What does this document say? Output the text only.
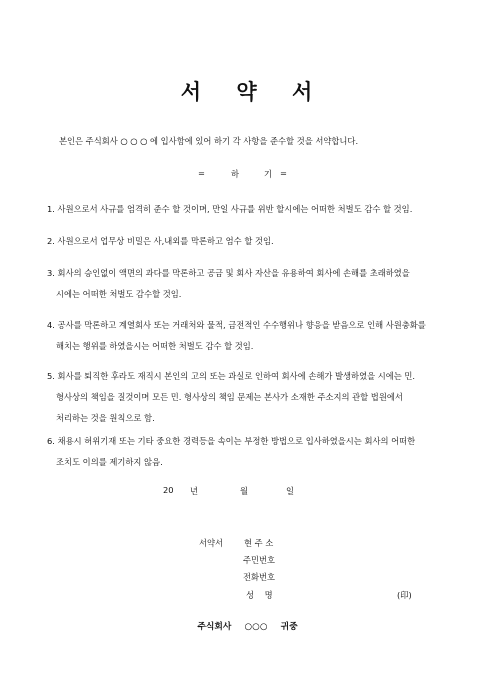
서 약 서
본인은 주식회사 ○ ○ ○ 에 입사함에 있어 하기 각 사항을 준수할 것을 서약합니다.
=	하	기 =
1. 사원으로서 사규를 엄격히 준수 할 것이며, 만일 사규를 위반 할시에는 어떠한 처벌도 감수 할 것임.
2. 사원으로서 업무상 비밀은 사,내외를 막론하고 엄수 할 것임.
3. 회사의 승인없이 액면의 과다를 막론하고 공금 및 회사 자산을 유용하여 회사에 손해를 초래하였을
시에는 어떠한 처벌도 감수할 것임.
4. 공사를 막론하고 계열회사 또는 거래처와 물적, 금전적인 수수행위나 향응을 받음으로 인해 사원충화를
해치는 행위를 하였을시는 어떠한 처벌도 감수 할 것임.
5. 회사를 퇴직한 후라도 재직시 본인의 고의 또는 과실로 인하여 회사에 손해가 발생하였을 시에는 민.
형사상의 책임을 질것이며 모든 민. 형사상의 책임 문제는 본사가 소재한 주소지의 관할 법원에서
처리하는 것을 원칙으로 함.
6. 채용시 허위기재 또는 기타 중요한 경력등을 속이는 부정한 방법으로 입사하였을시는 회사의 어떠한
조치도 이의를 제기하지 않음.
20 년	월	일
서약서	현 주 소
주민번호
전화번호
성    명	(印)
주식회사 ○○○ 귀중
